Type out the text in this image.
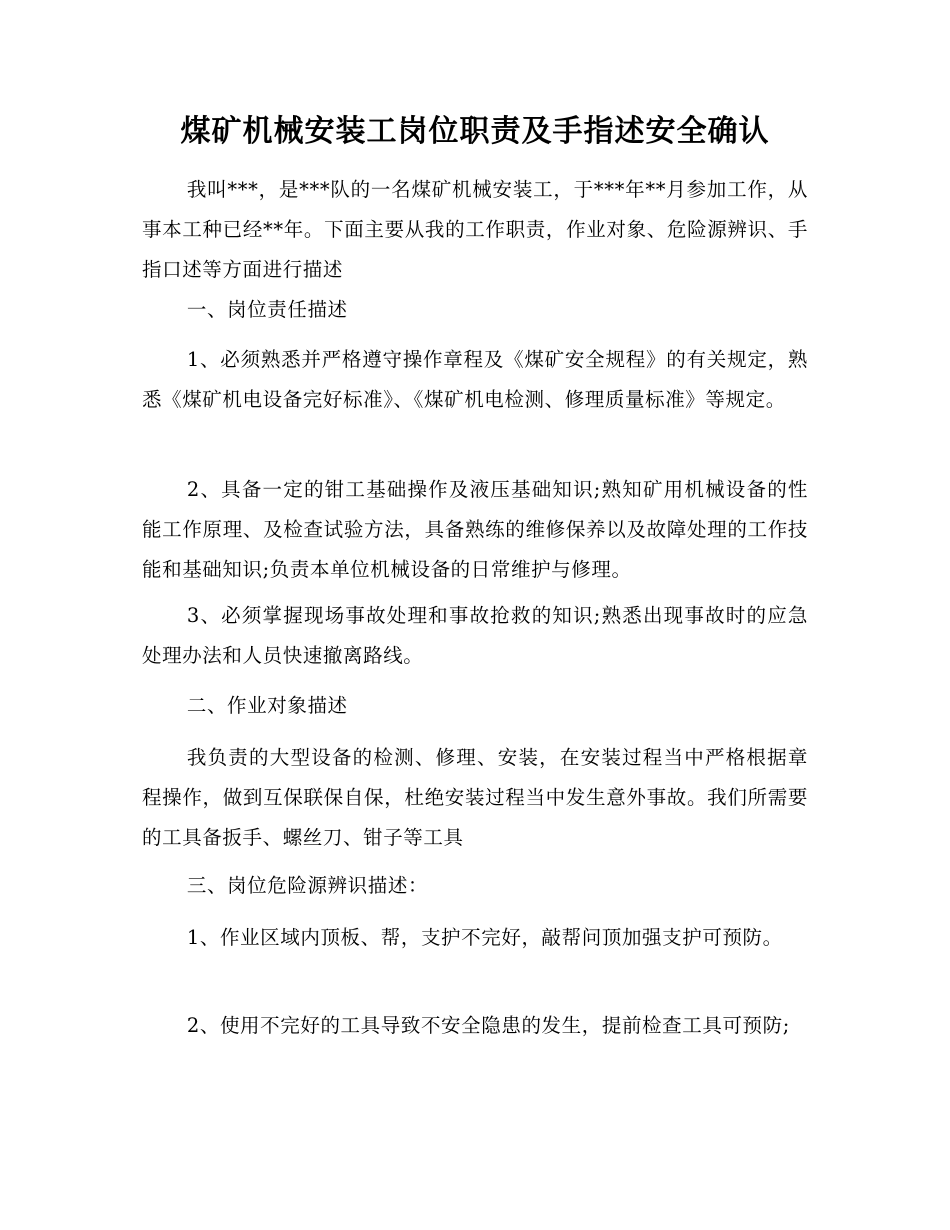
煤矿机械安装工岗位职责及手指述安全确认

我叫***，是***队的一名煤矿机械安装工，于***年**月参加工作，从事本工种已经**年。下面主要从我的工作职责，作业对象、危险源辨识、手指口述等方面进行描述

一、岗位责任描述

1、必须熟悉并严格遵守操作章程及《煤矿安全规程》的有关规定，熟悉《煤矿机电设备完好标准》、《煤矿机电检测、修理质量标准》等规定。

2、具备一定的钳工基础操作及液压基础知识;熟知矿用机械设备的性能工作原理、及检查试验方法，具备熟练的维修保养以及故障处理的工作技能和基础知识;负责本单位机械设备的日常维护与修理。

3、必须掌握现场事故处理和事故抢救的知识;熟悉出现事故时的应急处理办法和人员快速撤离路线。

二、作业对象描述

我负责的大型设备的检测、修理、安装，在安装过程当中严格根据章程操作，做到互保联保自保，杜绝安装过程当中发生意外事故。我们所需要的工具备扳手、螺丝刀、钳子等工具

三、岗位危险源辨识描述：

1、作业区域内顶板、帮，支护不完好，敲帮问顶加强支护可预防。

2、使用不完好的工具导致不安全隐患的发生，提前检查工具可预防;
